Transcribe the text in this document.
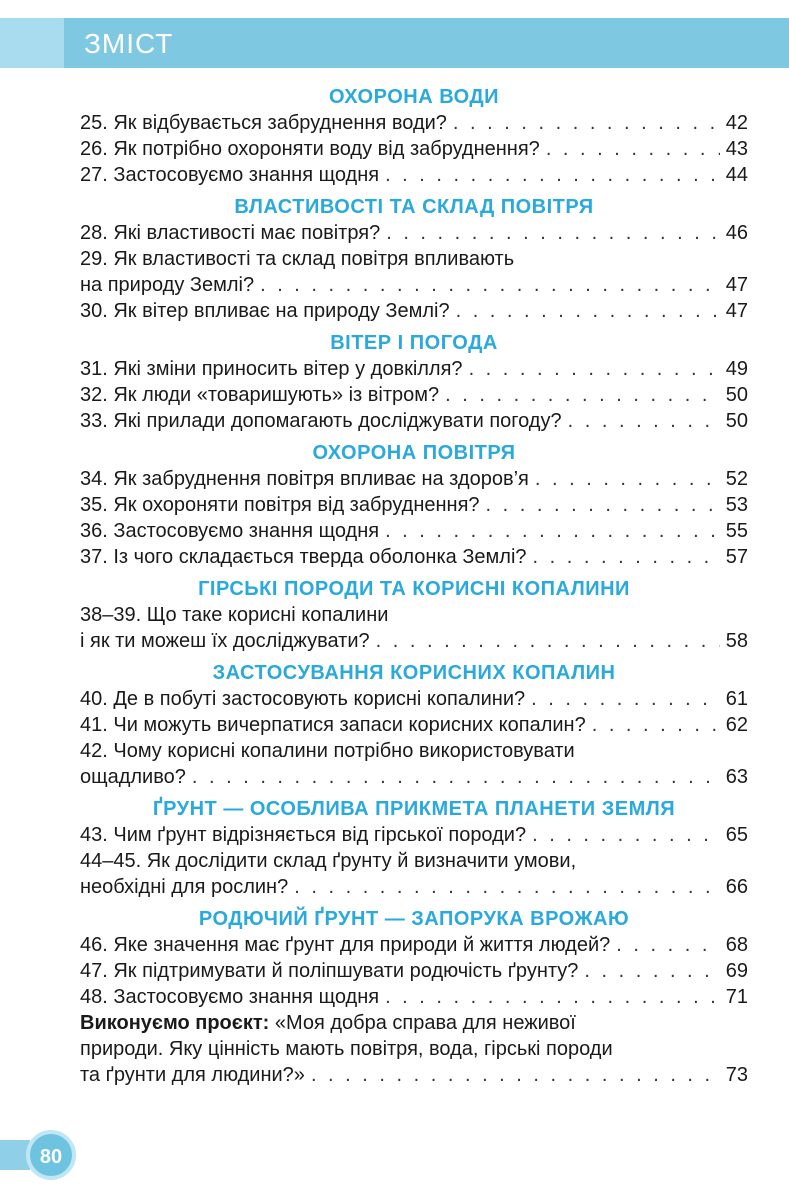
ЗМІСТ
ОХОРОНА ВОДИ
25. Як відбувається забруднення води? . . .	42
26. Як потрібно охороняти воду від забруднення? . . .	43
27. Застосовуємо знання щодня . . .	44
ВЛАСТИВОСТІ ТА СКЛАД ПОВІТРЯ
28. Які властивості має повітря? . . .	46
29. Як властивості та склад повітря впливають
на природу Землі? . . .	47
30. Як вітер впливає на природу Землі? . . .	47
ВІТЕР І ПОГОДА
31. Які зміни приносить вітер у довкілля? . . .	49
32. Як люди «товаришують» із вітром? . . .	50
33. Які прилади допомагають досліджувати погоду? . . .	50
ОХОРОНА ПОВІТРЯ
34. Як забруднення повітря впливає на здоров’я . . .	52
35. Як охороняти повітря від забруднення? . . .	53
36. Застосовуємо знання щодня . . .	55
37. Із чого складається тверда оболонка Землі? . . .	57
ГІРСЬКІ ПОРОДИ ТА КОРИСНІ КОПАЛИНИ
38–39. Що таке корисні копалини
і як ти можеш їх досліджувати? . . .	58
ЗАСТОСУВАННЯ КОРИСНИХ КОПАЛИН
40. Де в побуті застосовують корисні копалини? . . .	61
41. Чи можуть вичерпатися запаси корисних копалин? . . .	62
42. Чому корисні копалини потрібно використовувати
ощадливо? . . .	63
ҐРУНТ — ОСОБЛИВА ПРИКМЕТА ПЛАНЕТИ ЗЕМЛЯ
43. Чим ґрунт відрізняється від гірської породи? . . .	65
44–45. Як дослідити склад ґрунту й визначити умови,
необхідні для рослин? . . .	66
РОДЮЧИЙ ҐРУНТ — ЗАПОРУКА ВРОЖАЮ
46. Яке значення має ґрунт для природи й життя людей? . . .	68
47. Як підтримувати й поліпшувати родючість ґрунту? . . .	69
48. Застосовуємо знання щодня . . .	71
Виконуємо проєкт: «Моя добра справа для неживої
природи. Яку цінність мають повітря, вода, гірські породи
та ґрунти для людини?» . . .	73
80
